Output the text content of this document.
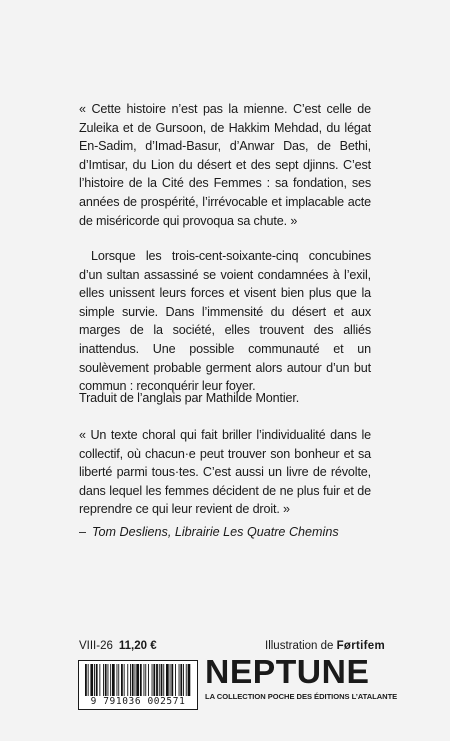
« Cette histoire n’est pas la mienne. C’est celle de Zuleika et de Gursoon, de Hakkim Mehdad, du légat En-Sadim, d’Imad-Basur, d’Anwar Das, de Bethi, d’Imtisar, du Lion du désert et des sept djinns. C’est l’histoire de la Cité des Femmes : sa fondation, ses années de prospérité, l’irrévocable et implacable acte de miséricorde qui provoqua sa chute. »

Lorsque les trois-cent-soixante-cinq concubines d’un sultan assassiné se voient condamnées à l’exil, elles unissent leurs forces et visent bien plus que la simple survie. Dans l’immensité du désert et aux marges de la société, elles trouvent des alliés inattendus. Une possible communauté et un soulèvement probable germent alors autour d’un but commun : reconquérir leur foyer.

Traduit de l’anglais par Mathilde Montier.

« Un texte choral qui fait briller l’individualité dans le collectif, où chacun·e peut trouver son bonheur et sa liberté parmi tous·tes. C’est aussi un livre de révolte, dans lequel les femmes décident de ne plus fuir et de reprendre ce qui leur revient de droit. »

– Tom Desliens, Librairie Les Quatre Chemins
VIII-26 11,20 €	Illustration de Førtifem
9 791036 002571
NEPTUNE
LA COLLECTION POCHE DES ÉDITIONS L’ATALANTE
